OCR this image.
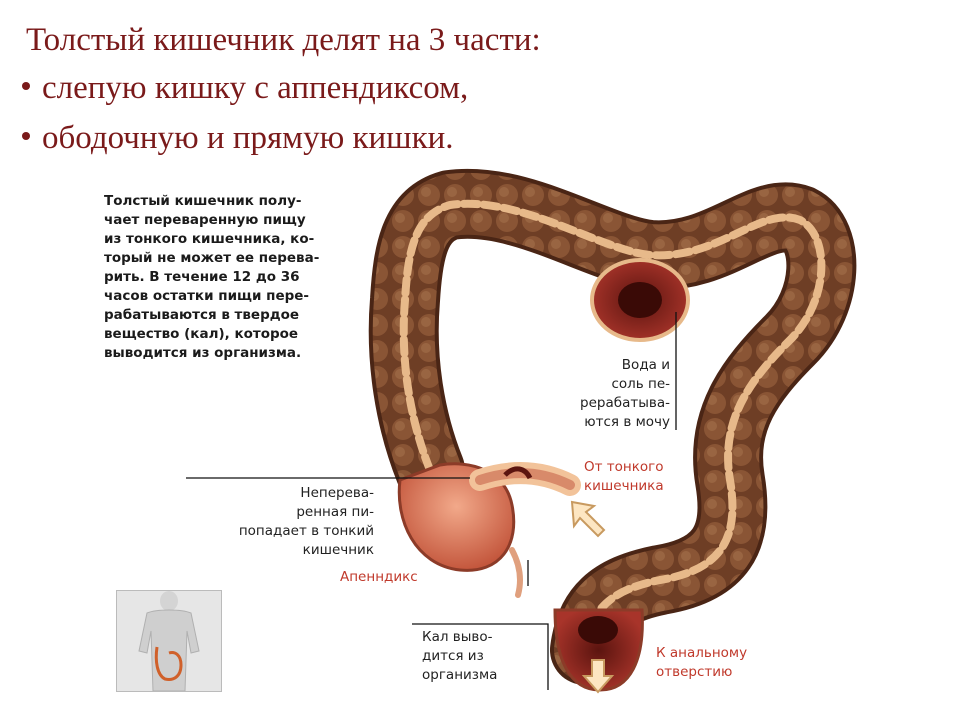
Толстый кишечник делят на 3 части:
слепую кишку с аппендиксом,
ободочную и прямую кишки.
Толстый кишечник полу-
чает переваренную пищу
из тонкого кишечника, ко-
торый не может ее перева-
рить. В течение 12 до 36
часов остатки пищи пере-
рабатываются в твердое
вещество (кал), которое
выводится из организма.
Вода и
соль пе-
рерабатыва-
ются в мочу
Неперева-
ренная пи-
попадает в тонкий
кишечник
От тонкого
кишечника
Апенндикс
Кал выво-
дится из
организма
К анальному
отверстию
